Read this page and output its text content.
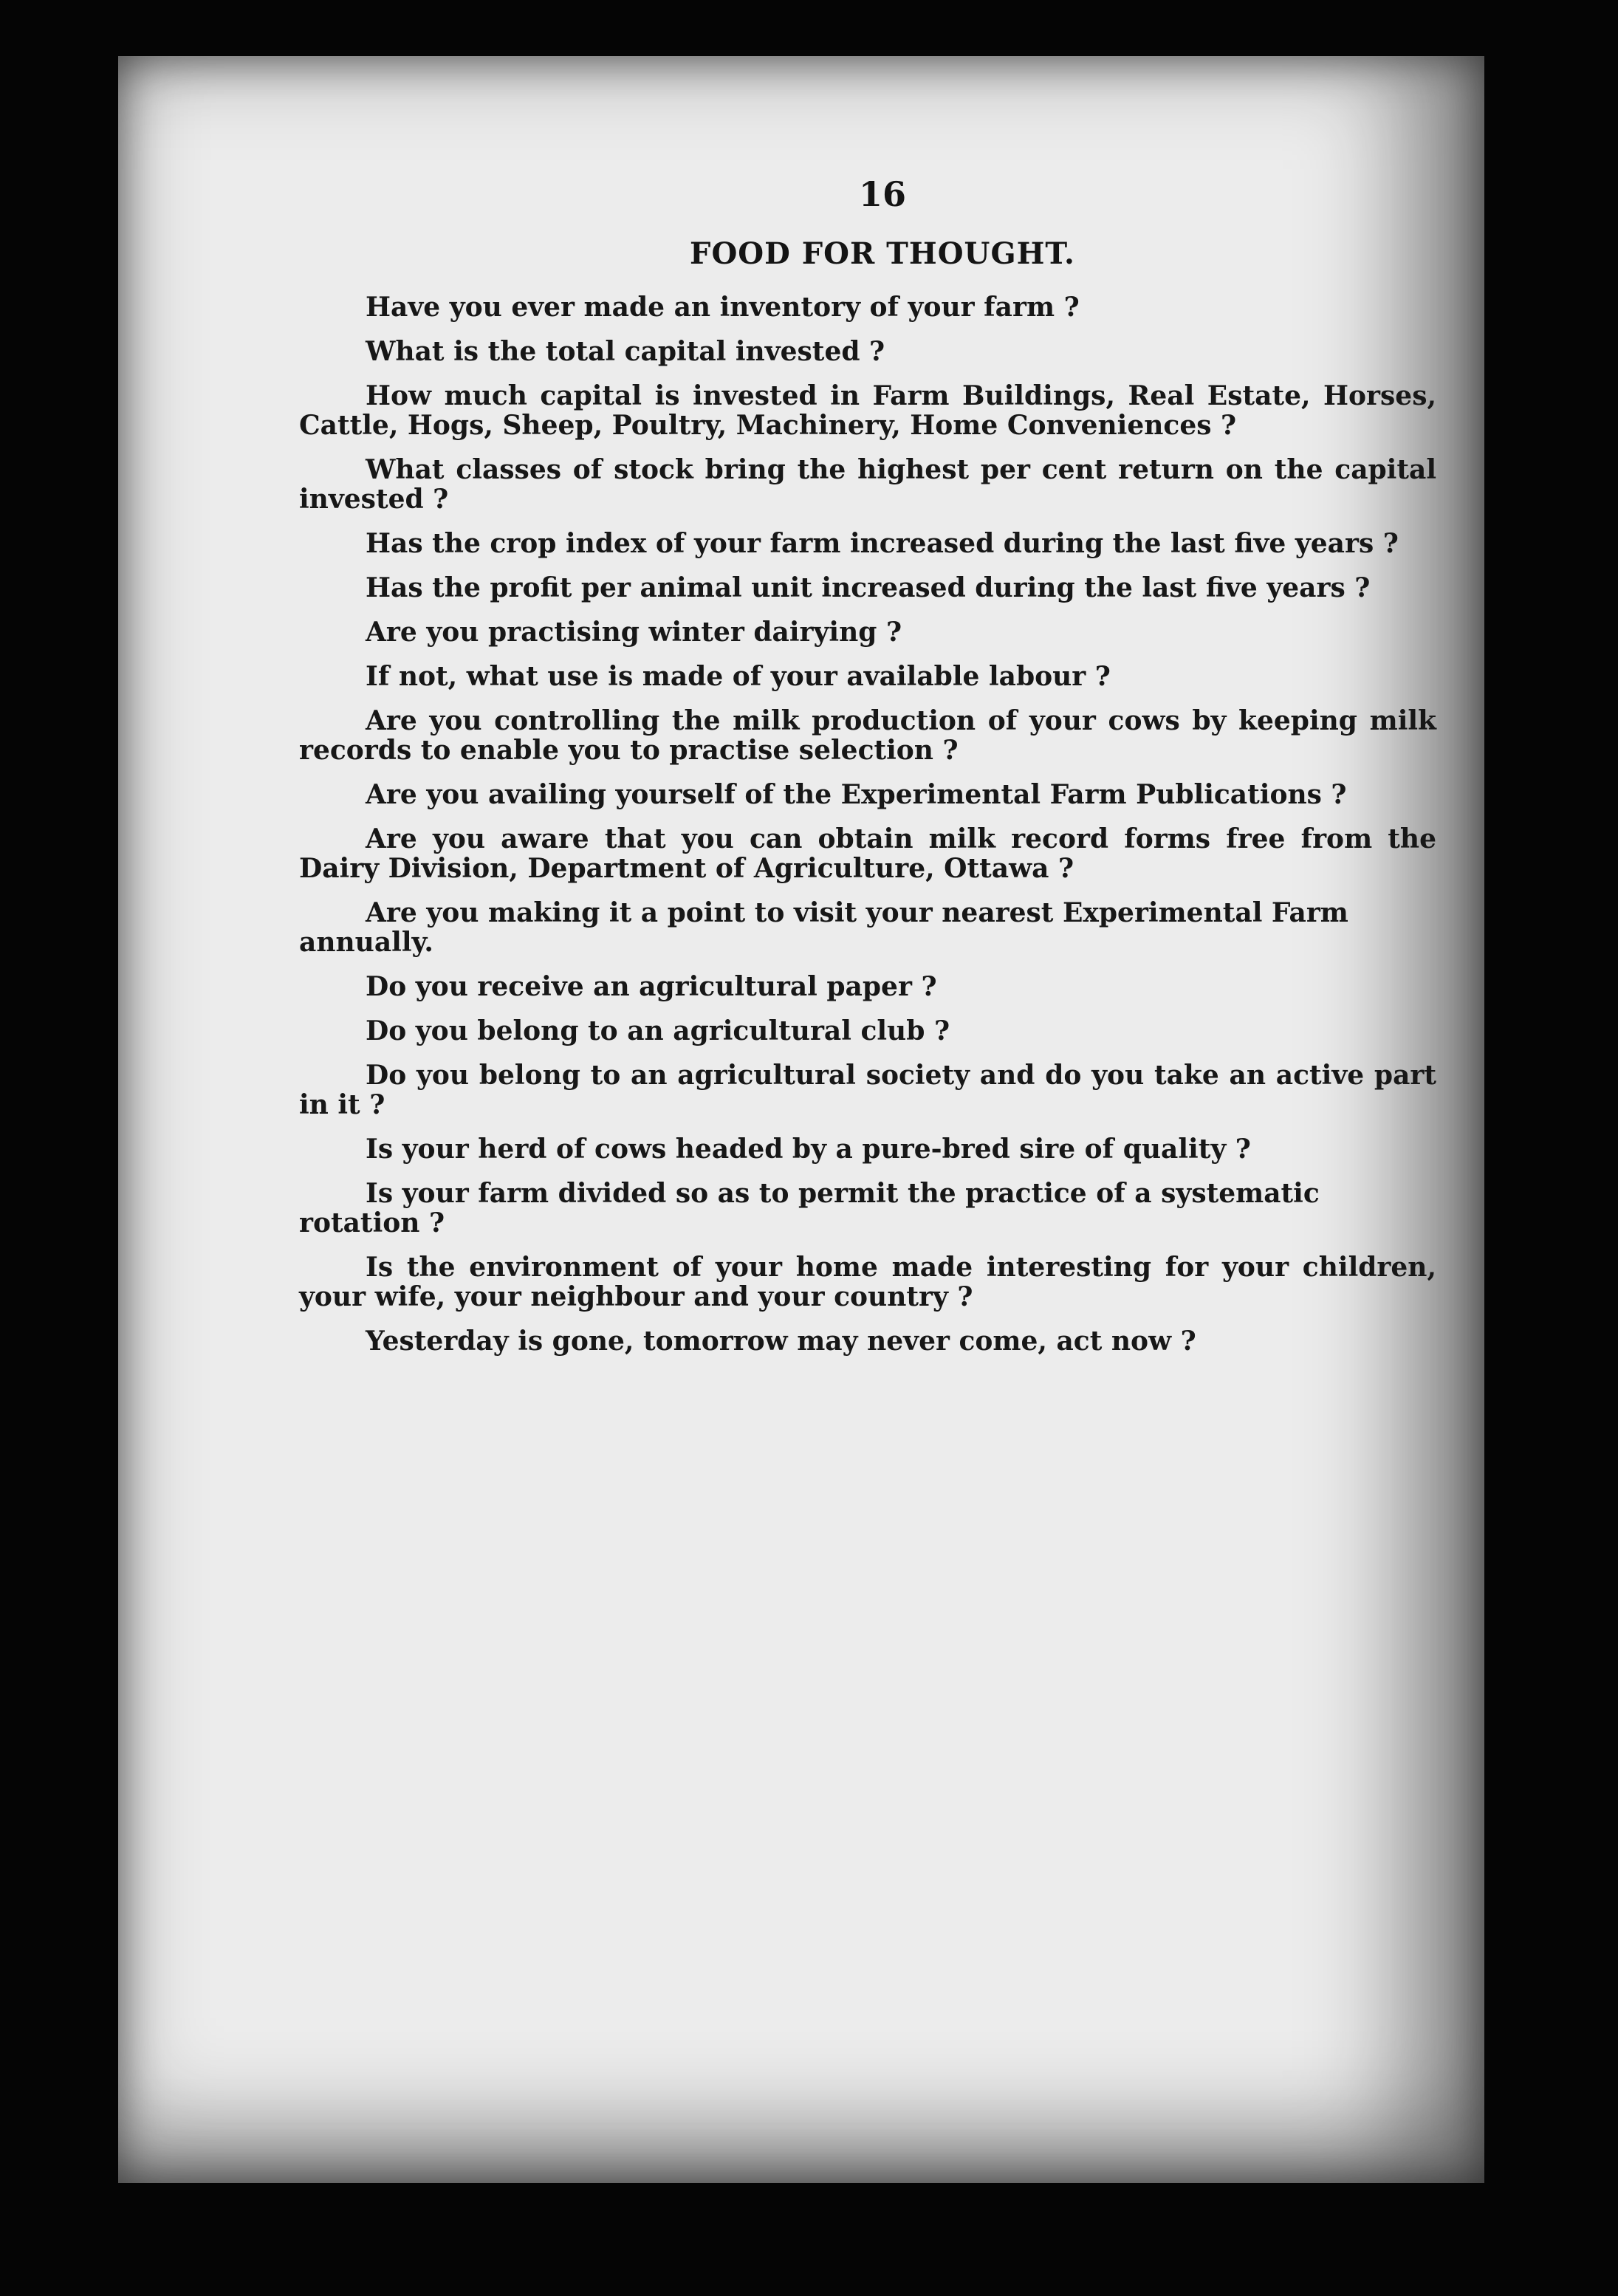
16
FOOD FOR THOUGHT.
Have you ever made an inventory of your farm ?
What is the total capital invested ?
How much capital is invested in Farm Buildings, Real Estate, Horses, Cattle, Hogs, Sheep, Poultry, Machinery, Home Conveniences ?
What classes of stock bring the highest per cent return on the capital invested ?
Has the crop index of your farm increased during the last five years ?
Has the profit per animal unit increased during the last five years ?
Are you practising winter dairying ?
If not, what use is made of your available labour ?
Are you controlling the milk production of your cows by keeping milk records to enable you to practise selection ?
Are you availing yourself of the Experimental Farm Publications ?
Are you aware that you can obtain milk record forms free from the Dairy Division, Department of Agriculture, Ottawa ?
Are you making it a point to visit your nearest Experimental Farm annually.
Do you receive an agricultural paper ?
Do you belong to an agricultural club ?
Do you belong to an agricultural society and do you take an active part in it ?
Is your herd of cows headed by a pure-bred sire of quality ?
Is your farm divided so as to permit the practice of a systematic rotation ?
Is the environment of your home made interesting for your children, your wife, your neighbour and your country ?
Yesterday is gone, tomorrow may never come, act now ?
